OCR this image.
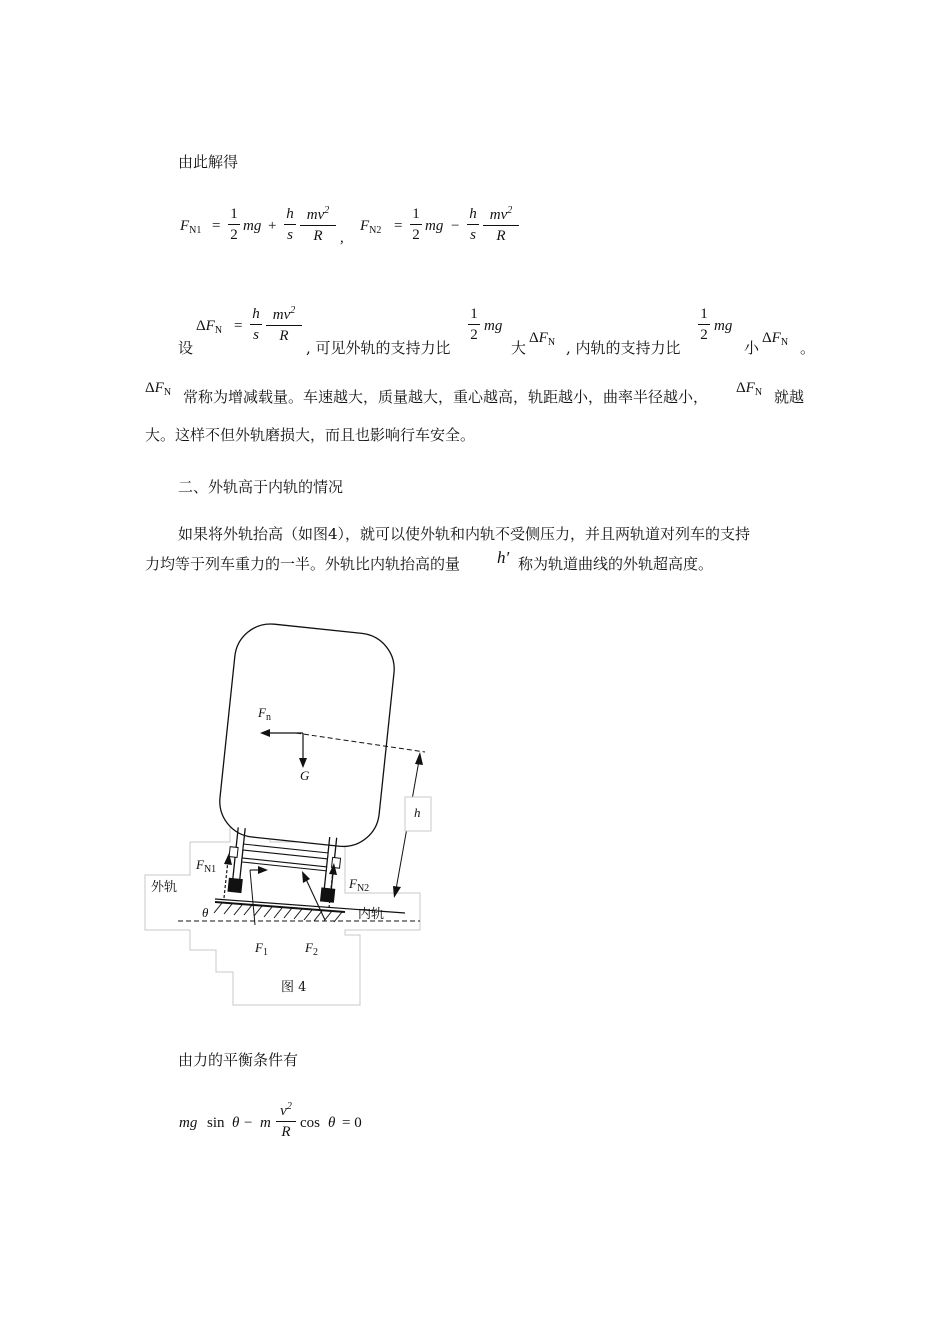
由此解得
$F_{N1}$ =
1
2
mg +
h
s
$mv^2$
R	,
$F_{N2}$ =
1
2
mg −
h
s
$mv^2$
R
设
$\Delta F_N$ =
h
s
$mv^2$
R
, 可见外轨的支持力比
1
2
mg
大
$\Delta F_N$ , 内轨的支持力比
1
2
mg
小
$\Delta F_N$ 。
$\Delta F_N$ 常称为增减载量。车速越大，质量越大，重心越高，轨距越小，曲率半径越小， $\Delta F_N$ 就越
大。这样不但外轨磨损大，而且也影响行车安全。
二、外轨高于内轨的情况
如果将外轨抬高（如图4），就可以使外轨和内轨不受侧压力，并且两轨道对列车的支持
力均等于列车重力的一半。外轨比内轨抬高的量 h′ 称为轨道曲线的外轨超高度。
$F_n$
G
h
$F_{N1}$
$F_{N2}$
外轨
内轨
θ
$F_1$	$F_2$
图 4
由力的平衡条件有
mg sin θ − m
$v^2$
R
cos θ = 0
